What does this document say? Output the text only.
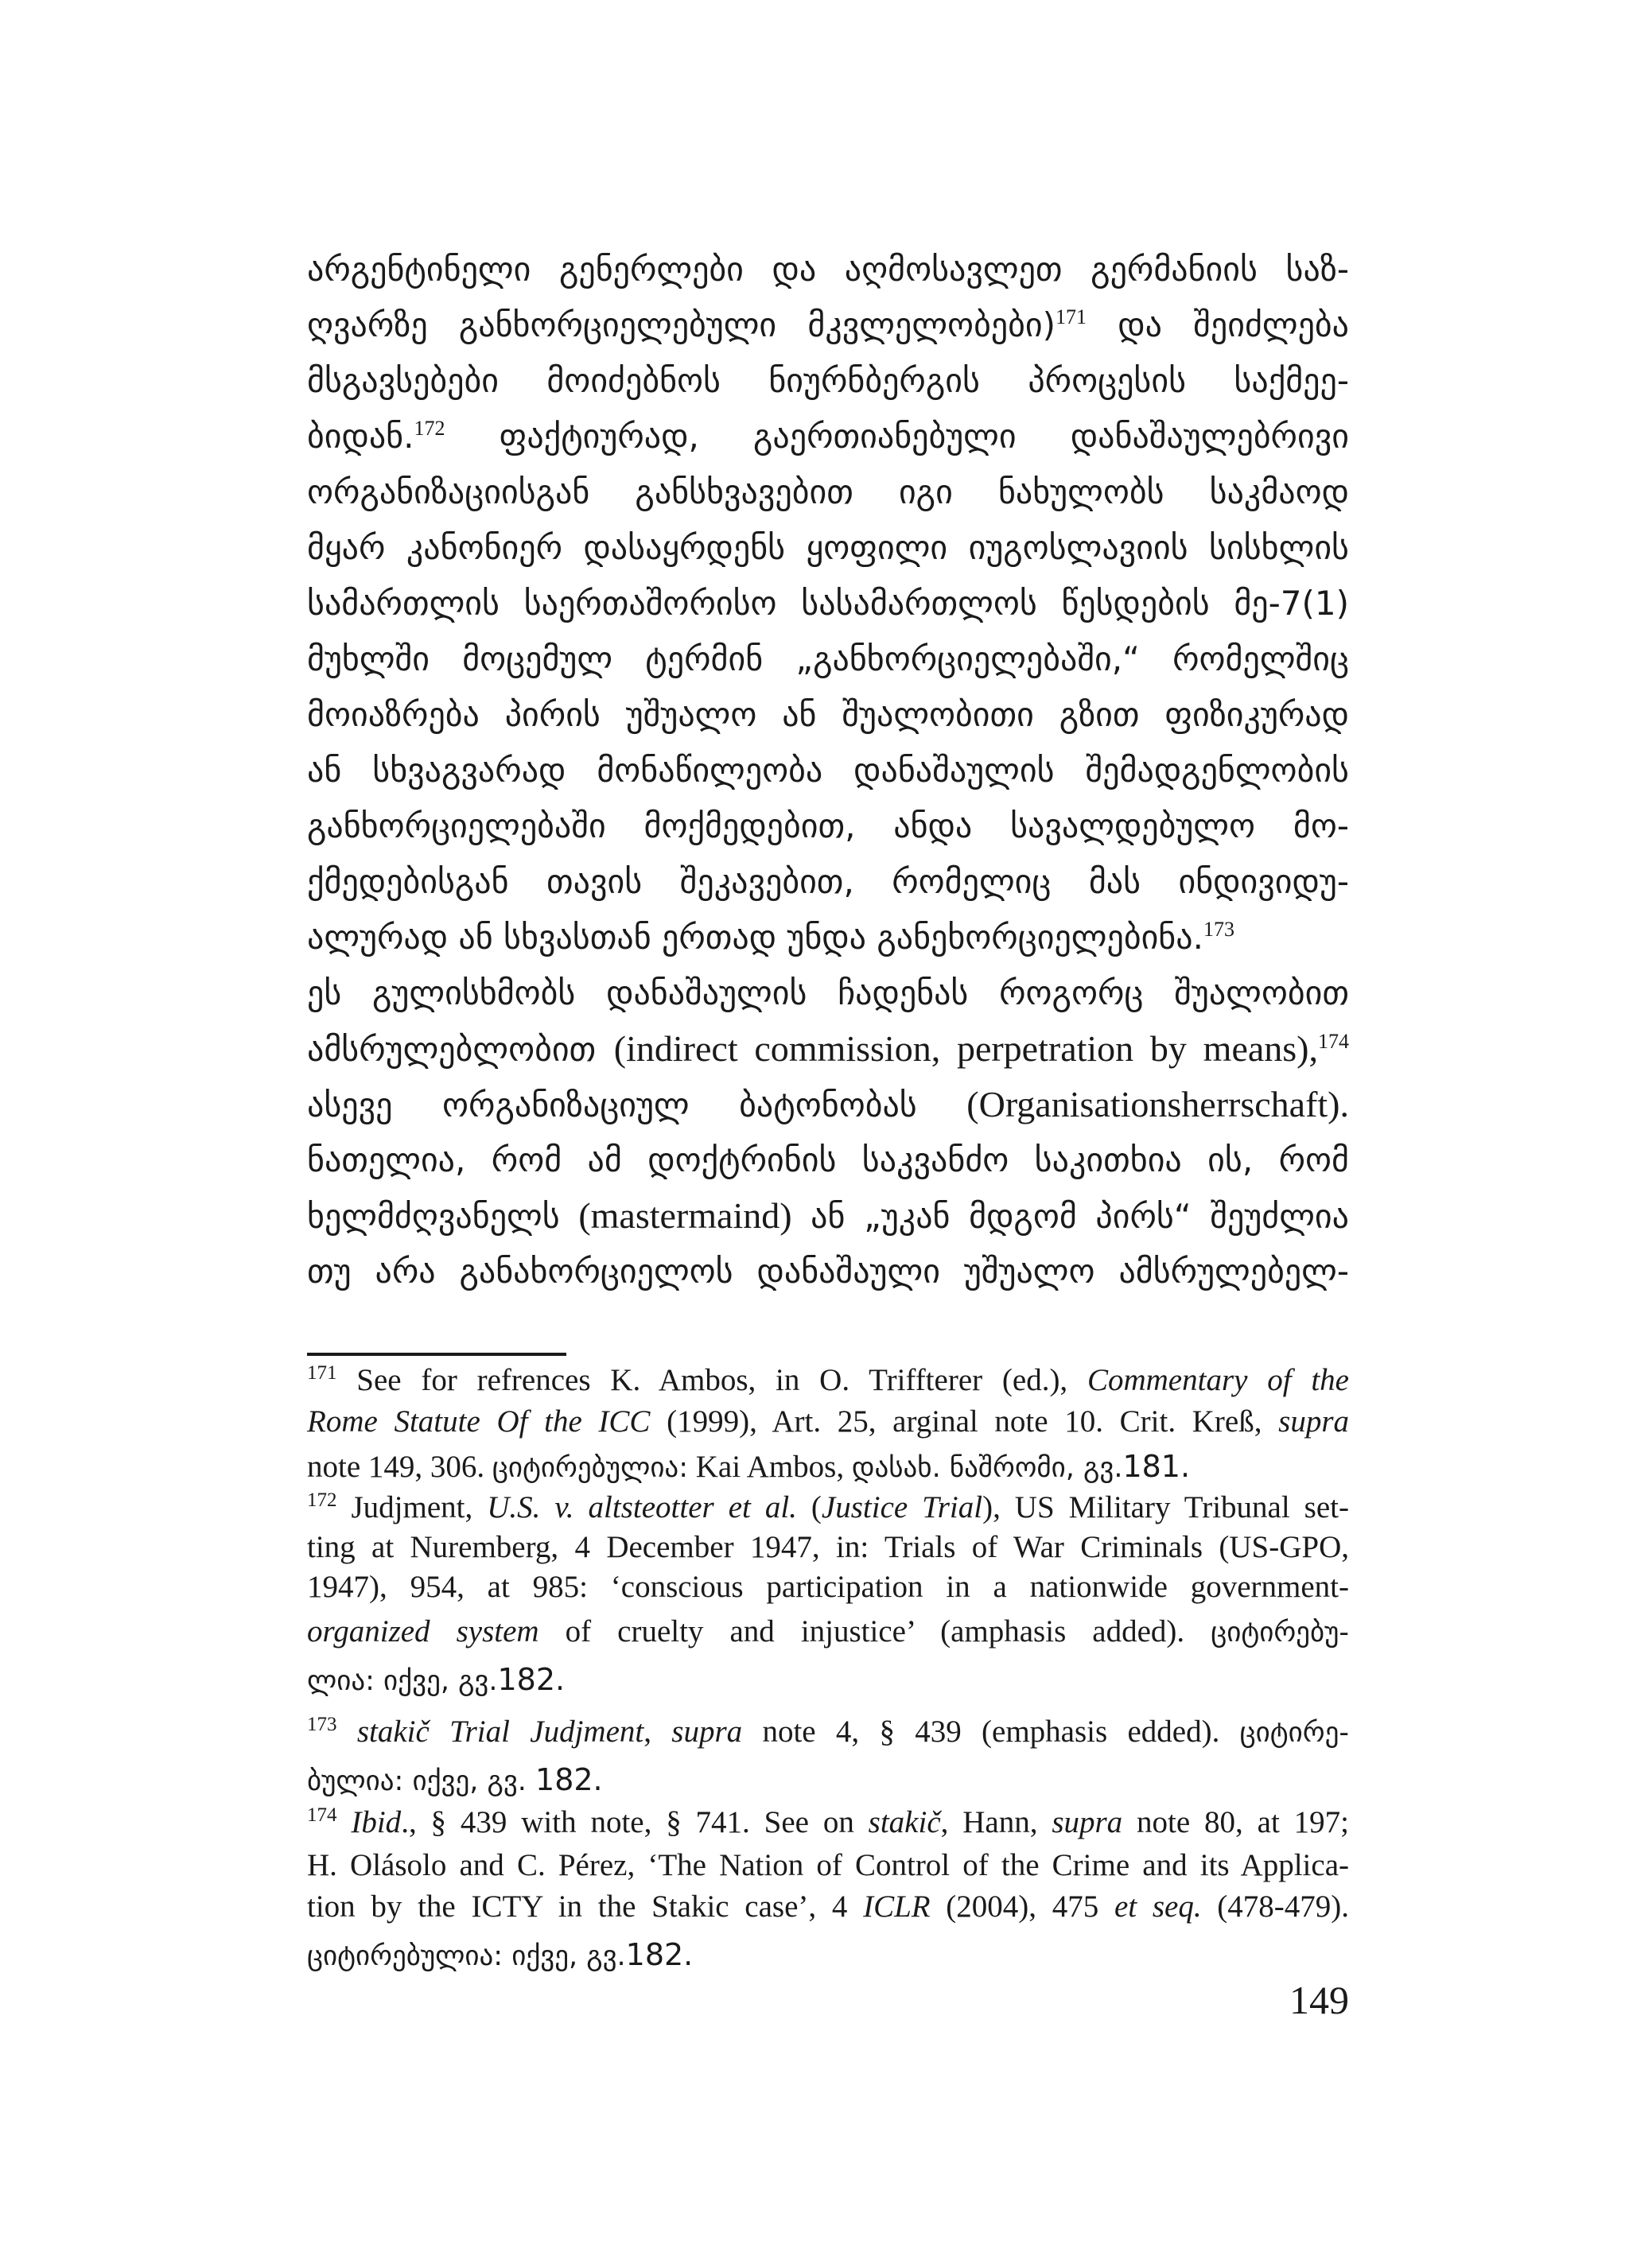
არგენტინელი გენერლები და აღმოსავლეთ გერმანიის საზ-

ღვარზე განხორციელებული მკვლელობები)$^{171}$ და შეიძლება

მსგავსებები მოიძებნოს ნიურნბერგის პროცესის საქმეე-

ბიდან.$^{172}$ ფაქტიურად, გაერთიანებული დანაშაულებრივი

ორგანიზაციისგან განსხვავებით იგი ნახულობს საკმაოდ

მყარ კანონიერ დასაყრდენს ყოფილი იუგოსლავიის სისხლის

სამართლის საერთაშორისო სასამართლოს წესდების მე-7(1)

მუხლში მოცემულ ტერმინ „განხორციელებაში,“ რომელშიც

მოიაზრება პირის უშუალო ან შუალობითი გზით ფიზიკურად

ან სხვაგვარად მონაწილეობა დანაშაულის შემადგენლობის

განხორციელებაში მოქმედებით, ანდა სავალდებულო მო-

ქმედებისგან თავის შეკავებით, რომელიც მას ინდივიდუ-

ალურად ან სხვასთან ერთად უნდა განეხორციელებინა.$^{173}$

ეს გულისხმობს დანაშაულის ჩადენას როგორც შუალობით

ამსრულებლობით (indirect commission, perpetration by means),$^{174}$

ასევე ორგანიზაციულ ბატონობას (Organisationsherrschaft).

ნათელია, რომ ამ დოქტრინის საკვანძო საკითხია ის, რომ

ხელმძღვანელს (mastermaind) ან „უკან მდგომ პირს“ შეუძლია

თუ არა განახორციელოს დანაშაული უშუალო ამსრულებელ-

$^{171}$ See for refrences K. Ambos, in O. Triffterer (ed.), Commentary of the

Rome Statute Of the ICC (1999), Art. 25, arginal note 10. Crit. Kreß, supra

note 149, 306. ციტირებულია: Kai Ambos, დასახ. ნაშრომი, გვ.181.

$^{172}$ Judjment, U.S. v. altsteotter et al. (Justice Trial), US Military Tribunal set-

ting at Nuremberg, 4 December 1947, in: Trials of War Criminals (US-GPO,

1947), 954, at 985: ‘conscious participation in a nationwide government-

organized system of cruelty and injustice’ (amphasis added). ციტირებუ-

ლია: იქვე, გვ.182.

$^{173}$ stakič Trial Judjment, supra note 4, § 439 (emphasis edded). ციტირე-

ბულია: იქვე, გვ. 182.

$^{174}$ Ibid., § 439 with note, § 741. See on stakič, Hann, supra note 80, at 197;

H. Olásolo and C. Pérez, ‘The Nation of Control of the Crime and its Applica-

tion by the ICTY in the Stakic case’, 4 ICLR (2004), 475 et seq. (478-479).

ციტირებულია: იქვე, გვ.182.

149
